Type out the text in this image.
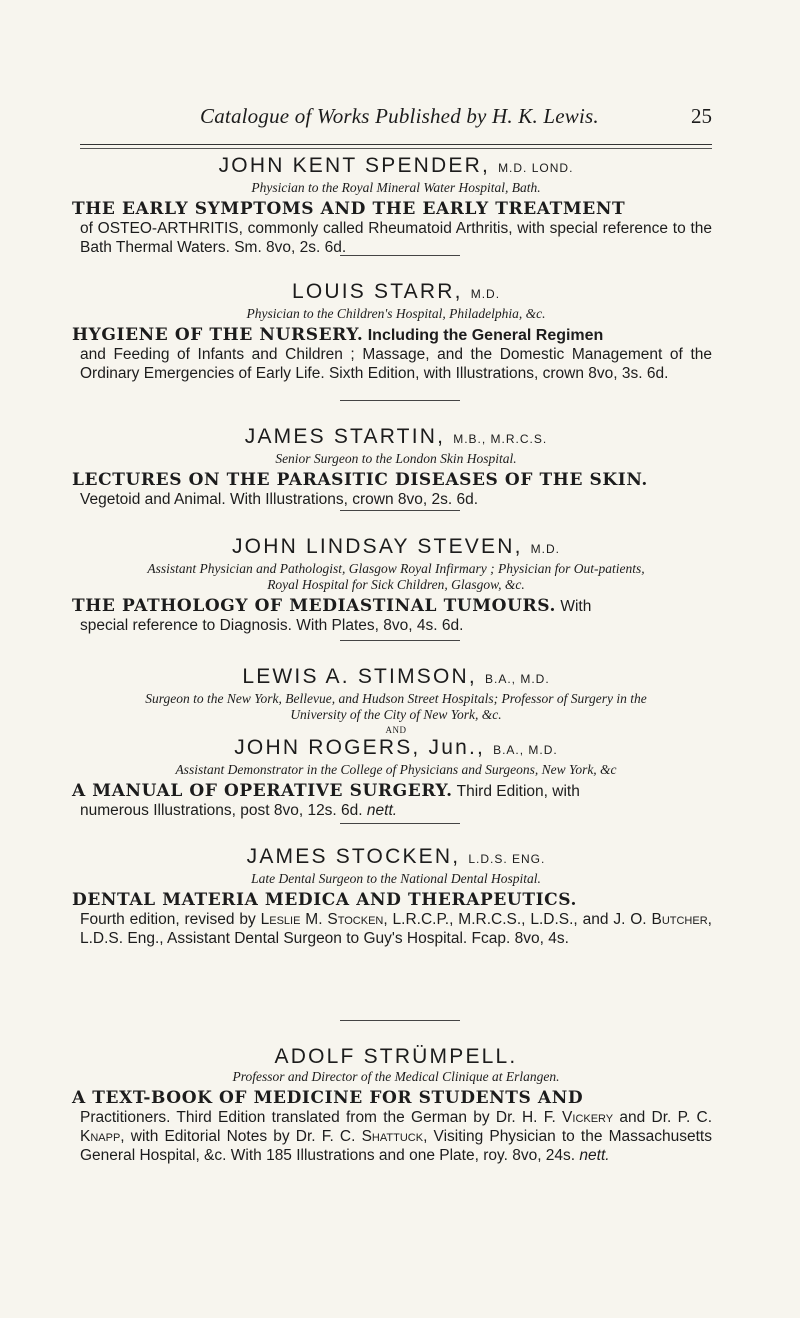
Catalogue of Works Published by H. K. Lewis.	25

JOHN KENT SPENDER, M.D. LOND.

Physician to the Royal Mineral Water Hospital, Bath.

THE EARLY SYMPTOMS AND THE EARLY TREATMENT
of OSTEO-ARTHRITIS, commonly called Rheumatoid Arthritis, with special reference to the Bath Thermal Waters. Sm. 8vo, 2s. 6d.

LOUIS STARR, M.D.

Physician to the Children's Hospital, Philadelphia, &c.

HYGIENE OF THE NURSERY. Including the General Regimen
and Feeding of Infants and Children ; Massage, and the Domestic Management of the Ordinary Emergencies of Early Life. Sixth Edition, with Illustrations, crown 8vo, 3s. 6d.

JAMES STARTIN, M.B., M.R.C.S.

Senior Surgeon to the London Skin Hospital.

LECTURES ON THE PARASITIC DISEASES OF THE SKIN.
Vegetoid and Animal. With Illustrations, crown 8vo, 2s. 6d.

JOHN LINDSAY STEVEN, M.D.

Assistant Physician and Pathologist, Glasgow Royal Infirmary ; Physician for Out-patients,

Royal Hospital for Sick Children, Glasgow, &c.

THE PATHOLOGY OF MEDIASTINAL TUMOURS. With
special reference to Diagnosis. With Plates, 8vo, 4s. 6d.

LEWIS A. STIMSON, B.A., M.D.

Surgeon to the New York, Bellevue, and Hudson Street Hospitals; Professor of Surgery in the

University of the City of New York, &c.

AND

JOHN ROGERS, Jun., B.A., M.D.

Assistant Demonstrator in the College of Physicians and Surgeons, New York, &c

A MANUAL OF OPERATIVE SURGERY. Third Edition, with
numerous Illustrations, post 8vo, 12s. 6d. nett.

JAMES STOCKEN, L.D.S. ENG.

Late Dental Surgeon to the National Dental Hospital.

DENTAL MATERIA MEDICA AND THERAPEUTICS.
Fourth edition, revised by Leslie M. Stocken, L.R.C.P., M.R.C.S., L.D.S., and J. O. Butcher, L.D.S. Eng., Assistant Dental Surgeon to Guy's Hospital. Fcap. 8vo, 4s.

ADOLF STRÜMPELL.

Professor and Director of the Medical Clinique at Erlangen.

A TEXT-BOOK OF MEDICINE FOR STUDENTS AND
Practitioners. Third Edition translated from the German by Dr. H. F. Vickery and Dr. P. C. Knapp, with Editorial Notes by Dr. F. C. Shattuck, Visiting Physician to the Massachusetts General Hospital, &c. With 185 Illustrations and one Plate, roy. 8vo, 24s. nett.
